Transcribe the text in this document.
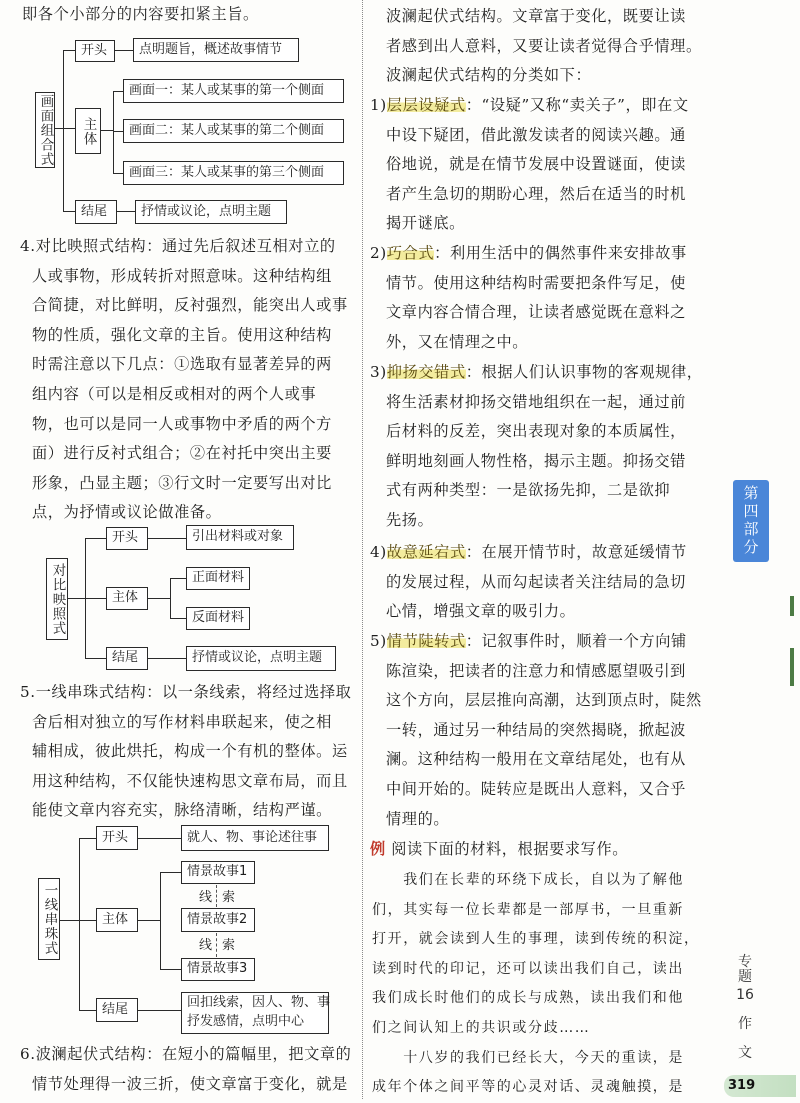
即各个小部分的内容要扣紧主旨。
画面组合式
开头	点明题旨，概述故事情节
主体
画面一：某人或某事的第一个侧面
画面二：某人或某事的第二个侧面
画面三：某人或某事的第三个侧面
结尾	抒情或议论，点明主题
4.对比映照式结构：通过先后叙述互相对立的
人或事物，形成转折对照意味。这种结构组
合简捷，对比鲜明，反衬强烈，能突出人或事
物的性质，强化文章的主旨。使用这种结构
时需注意以下几点：①选取有显著差异的两
组内容（可以是相反或相对的两个人或事
物，也可以是同一人或事物中矛盾的两个方
面）进行反衬式组合；②在衬托中突出主要
形象，凸显主题；③行文时一定要写出对比
点，为抒情或议论做准备。
对比映照式
开头	引出材料或对象
主体
正面材料
反面材料
结尾	抒情或议论，点明主题
5.一线串珠式结构：以一条线索，将经过选择取
舍后相对独立的写作材料串联起来，使之相
辅相成，彼此烘托，构成一个有机的整体。运
用这种结构，不仅能快速构思文章布局，而且
能使文章内容充实，脉络清晰，结构严谨。
一线串珠式
开头	就人、物、事论述往事
主体
情景故事1
线 索
情景故事2
线 索
情景故事3
结尾	回扣线索，因人、物、事
抒发感情，点明中心
6.波澜起伏式结构：在短小的篇幅里，把文章的
情节处理得一波三折，使文章富于变化，就是
波澜起伏式结构。文章富于变化，既要让读
者感到出人意料，又要让读者觉得合乎情理。
波澜起伏式结构的分类如下：
1)层层设疑式：“设疑”又称“卖关子”，即在文
中设下疑团，借此激发读者的阅读兴趣。通
俗地说，就是在情节发展中设置谜面，使读
者产生急切的期盼心理，然后在适当的时机
揭开谜底。
2)巧合式：利用生活中的偶然事件来安排故事
情节。使用这种结构时需要把条件写足，使
文章内容合情合理，让读者感觉既在意料之
外，又在情理之中。
3)抑扬交错式：根据人们认识事物的客观规律，
将生活素材抑扬交错地组织在一起，通过前
后材料的反差，突出表现对象的本质属性，
鲜明地刻画人物性格，揭示主题。抑扬交错
式有两种类型：一是欲扬先抑，二是欲抑
先扬。
4)故意延宕式：在展开情节时，故意延缓情节
的发展过程，从而勾起读者关注结局的急切
心情，增强文章的吸引力。
5)情节陡转式：记叙事件时，顺着一个方向铺
陈渲染，把读者的注意力和情感愿望吸引到
这个方向，层层推向高潮，达到顶点时，陡然
一转，通过另一种结局的突然揭晓，掀起波
澜。这种结构一般用在文章结尾处，也有从
中间开始的。陡转应是既出人意料，又合乎
情理的。
例 阅读下面的材料，根据要求写作。
　　我们在长辈的环绕下成长，自以为了解他
们，其实每一位长辈都是一部厚书，一旦重新
打开，就会读到人生的事理，读到传统的积淀，
读到时代的印记，还可以读出我们自己，读出
我们成长时他们的成长与成熟，读出我们和他
们之间认知上的共识或分歧……
　　十八岁的我们已经长大，今天的重读，是
成年个体之间平等的心灵对话、灵魂触摸，是
第四部分
专
题
16
作
文
319
